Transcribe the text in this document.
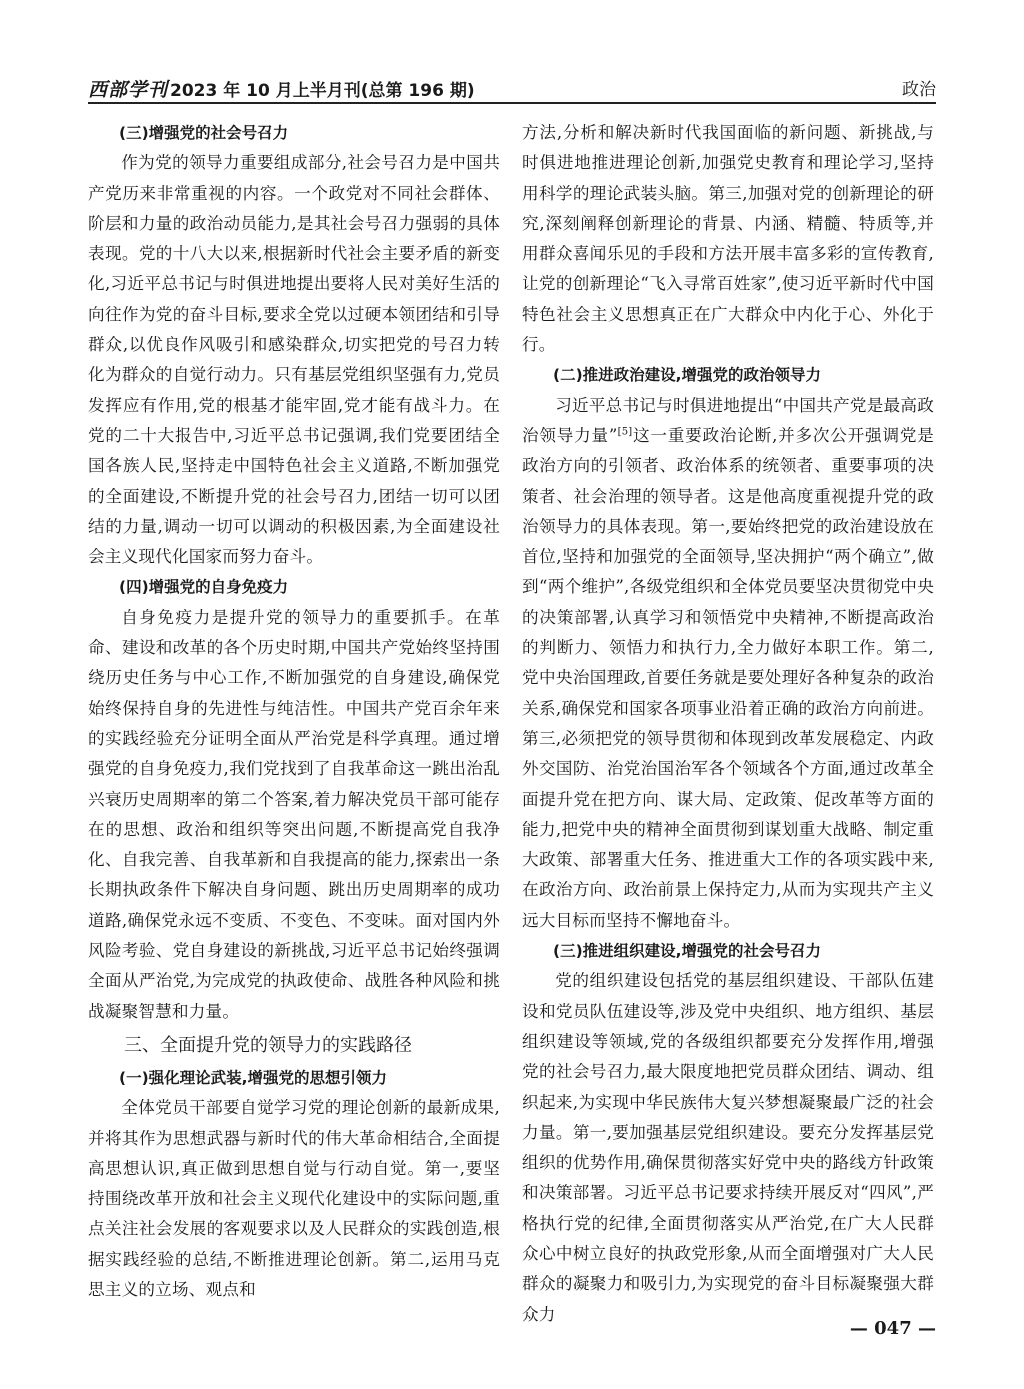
西部学刊 2023 年 10 月上半月刊(总第 196 期)	政治

(三)增强党的社会号召力

作为党的领导力重要组成部分,社会号召力是中国共产党历来非常重视的内容。一个政党对不同社会群体、阶层和力量的政治动员能力,是其社会号召力强弱的具体表现。党的十八大以来,根据新时代社会主要矛盾的新变化,习近平总书记与时俱进地提出要将人民对美好生活的向往作为党的奋斗目标,要求全党以过硬本领团结和引导群众,以优良作风吸引和感染群众,切实把党的号召力转化为群众的自觉行动力。只有基层党组织坚强有力,党员发挥应有作用,党的根基才能牢固,党才能有战斗力。在党的二十大报告中,习近平总书记强调,我们党要团结全国各族人民,坚持走中国特色社会主义道路,不断加强党的全面建设,不断提升党的社会号召力,团结一切可以团结的力量,调动一切可以调动的积极因素,为全面建设社会主义现代化国家而努力奋斗。

(四)增强党的自身免疫力

自身免疫力是提升党的领导力的重要抓手。在革命、建设和改革的各个历史时期,中国共产党始终坚持围绕历史任务与中心工作,不断加强党的自身建设,确保党始终保持自身的先进性与纯洁性。中国共产党百余年来的实践经验充分证明全面从严治党是科学真理。通过增强党的自身免疫力,我们党找到了自我革命这一跳出治乱兴衰历史周期率的第二个答案,着力解决党员干部可能存在的思想、政治和组织等突出问题,不断提高党自我净化、自我完善、自我革新和自我提高的能力,探索出一条长期执政条件下解决自身问题、跳出历史周期率的成功道路,确保党永远不变质、不变色、不变味。面对国内外风险考验、党自身建设的新挑战,习近平总书记始终强调全面从严治党,为完成党的执政使命、战胜各种风险和挑战凝聚智慧和力量。

三、全面提升党的领导力的实践路径

(一)强化理论武装,增强党的思想引领力

全体党员干部要自觉学习党的理论创新的最新成果,并将其作为思想武器与新时代的伟大革命相结合,全面提高思想认识,真正做到思想自觉与行动自觉。第一,要坚持围绕改革开放和社会主义现代化建设中的实际问题,重点关注社会发展的客观要求以及人民群众的实践创造,根据实践经验的总结,不断推进理论创新。第二,运用马克思主义的立场、观点和

方法,分析和解决新时代我国面临的新问题、新挑战,与时俱进地推进理论创新,加强党史教育和理论学习,坚持用科学的理论武装头脑。第三,加强对党的创新理论的研究,深刻阐释创新理论的背景、内涵、精髓、特质等,并用群众喜闻乐见的手段和方法开展丰富多彩的宣传教育,让党的创新理论“飞入寻常百姓家”,使习近平新时代中国特色社会主义思想真正在广大群众中内化于心、外化于行。

(二)推进政治建设,增强党的政治领导力

习近平总书记与时俱进地提出“中国共产党是最高政治领导力量”[5]这一重要政治论断,并多次公开强调党是政治方向的引领者、政治体系的统领者、重要事项的决策者、社会治理的领导者。这是他高度重视提升党的政治领导力的具体表现。第一,要始终把党的政治建设放在首位,坚持和加强党的全面领导,坚决拥护“两个确立”,做到“两个维护”,各级党组织和全体党员要坚决贯彻党中央的决策部署,认真学习和领悟党中央精神,不断提高政治的判断力、领悟力和执行力,全力做好本职工作。第二,党中央治国理政,首要任务就是要处理好各种复杂的政治关系,确保党和国家各项事业沿着正确的政治方向前进。第三,必须把党的领导贯彻和体现到改革发展稳定、内政外交国防、治党治国治军各个领域各个方面,通过改革全面提升党在把方向、谋大局、定政策、促改革等方面的能力,把党中央的精神全面贯彻到谋划重大战略、制定重大政策、部署重大任务、推进重大工作的各项实践中来,在政治方向、政治前景上保持定力,从而为实现共产主义远大目标而坚持不懈地奋斗。

(三)推进组织建设,增强党的社会号召力

党的组织建设包括党的基层组织建设、干部队伍建设和党员队伍建设等,涉及党中央组织、地方组织、基层组织建设等领域,党的各级组织都要充分发挥作用,增强党的社会号召力,最大限度地把党员群众团结、调动、组织起来,为实现中华民族伟大复兴梦想凝聚最广泛的社会力量。第一,要加强基层党组织建设。要充分发挥基层党组织的优势作用,确保贯彻落实好党中央的路线方针政策和决策部署。习近平总书记要求持续开展反对“四风”,严格执行党的纪律,全面贯彻落实从严治党,在广大人民群众心中树立良好的执政党形象,从而全面增强对广大人民群众的凝聚力和吸引力,为实现党的奋斗目标凝聚强大群众力

— 047 —
